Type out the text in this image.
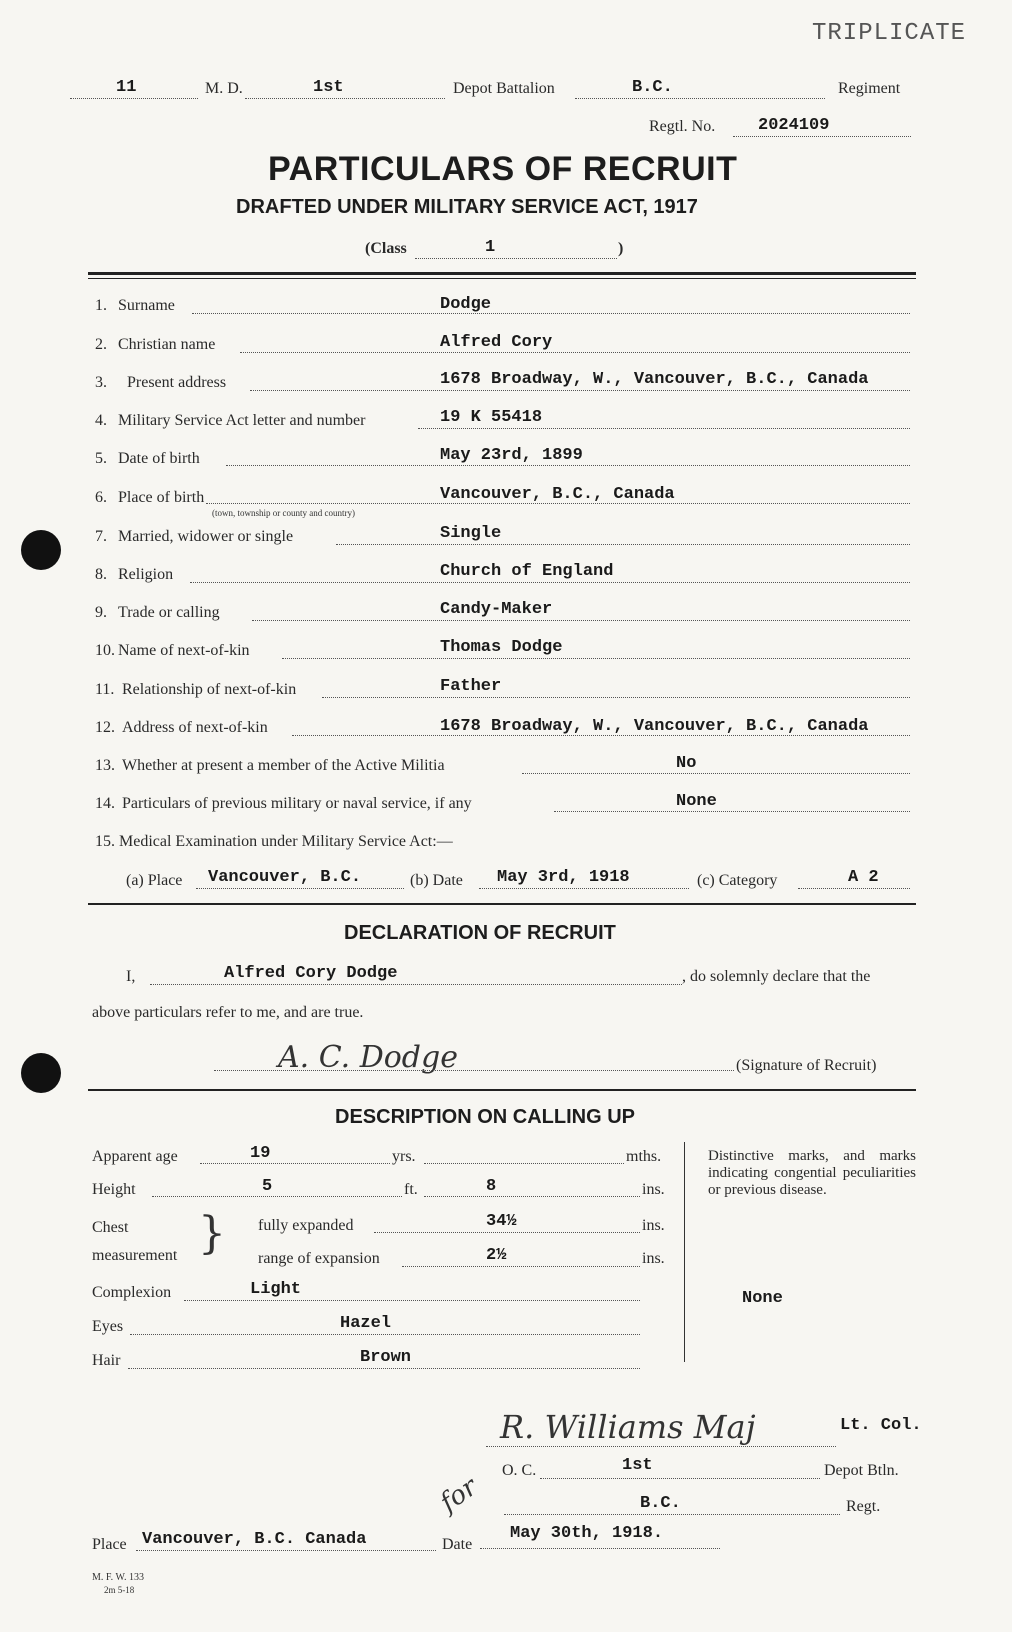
TRIPLICATE
11	M. D.	1st	Depot Battalion	B.C.	Regiment
Regtl. No.	2024109
PARTICULARS OF RECRUIT
DRAFTED UNDER MILITARY SERVICE ACT, 1917
(Class	1	)
1. Surname	Dodge
2. Christian name	Alfred Cory
3. Present address	1678 Broadway, W., Vancouver, B.C., Canada
4. Military Service Act letter and number	19 K 55418
5. Date of birth	May 23rd, 1899
6. Place of birth	Vancouver, B.C., Canada
(town, township or county and country)
7. Married, widower or single	Single
8. Religion	Church of England
9. Trade or calling	Candy-Maker
10. Name of next-of-kin	Thomas Dodge
11. Relationship of next-of-kin	Father
12. Address of next-of-kin	1678 Broadway, W., Vancouver, B.C., Canada
13. Whether at present a member of the Active Militia	No
14. Particulars of previous military or naval service, if any	None
15. Medical Examination under Military Service Act:—
(a) Place Vancouver, B.C.	(b) Date May 3rd, 1918	(c) Category	A 2
DECLARATION OF RECRUIT
I,	Alfred Cory Dodge	, do solemnly declare that the
above particulars refer to me, and are true.
A. C. Dodge	(Signature of Recruit)
DESCRIPTION ON CALLING UP
Apparent age	19	yrs.	mths.
Height	5	ft.	8	ins.
Chest
measurement } fully expanded	34½	ins.
range of expansion	2½	ins.
Complexion	Light
Eyes	Hazel
Hair	Brown
Distinctive marks, and marks indicating congential peculiarities or previous disease.
None
R. Williams Maj	Lt. Col.
for
O. C.	1st	Depot Btln.
B.C.	Regt.
Place Vancouver, B.C. Canada	Date
May 30th, 1918.
M. F. W. 133
2m 5-18
